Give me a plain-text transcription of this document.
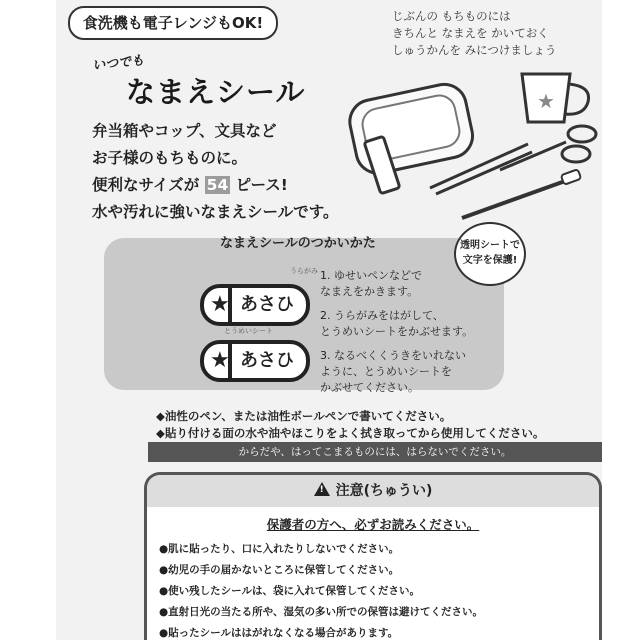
食洗機も電子レンジもOK!	じぶんの もちものには
きちんと なまえを かいておく
しゅうかんを みにつけましょう
いつでも
なまえシール
弁当箱やコップ、文具など
お子様のもちものに。
便利なサイズが 54 ピース!
水や汚れに強いなまえシールです。
★
なまえシールのつかいかた
うらがみ
★ あさひ
とうめいシート
★ あさひ
1. ゆせいペンなどで
なまえをかきます。
2. うらがみをはがして、
とうめいシートをかぶせます。
3. なるべくくうきをいれない
ように、とうめいシートを
かぶせてください。
透明シートで
文字を保護!
◆油性のペン、または油性ボールペンで書いてください。
◆貼り付ける面の水や油やほこりをよく拭き取ってから使用してください。
からだや、はってこまるものには、はらないでください。
!注意(ちゅうい)
保護者の方へ、必ずお読みください。
●肌に貼ったり、口に入れたりしないでください。
●幼児の手の届かないところに保管してください。
●使い残したシールは、袋に入れて保管してください。
●直射日光の当たる所や、湿気の多い所での保管は避けてください。
●貼ったシールははがれなくなる場合があります。
